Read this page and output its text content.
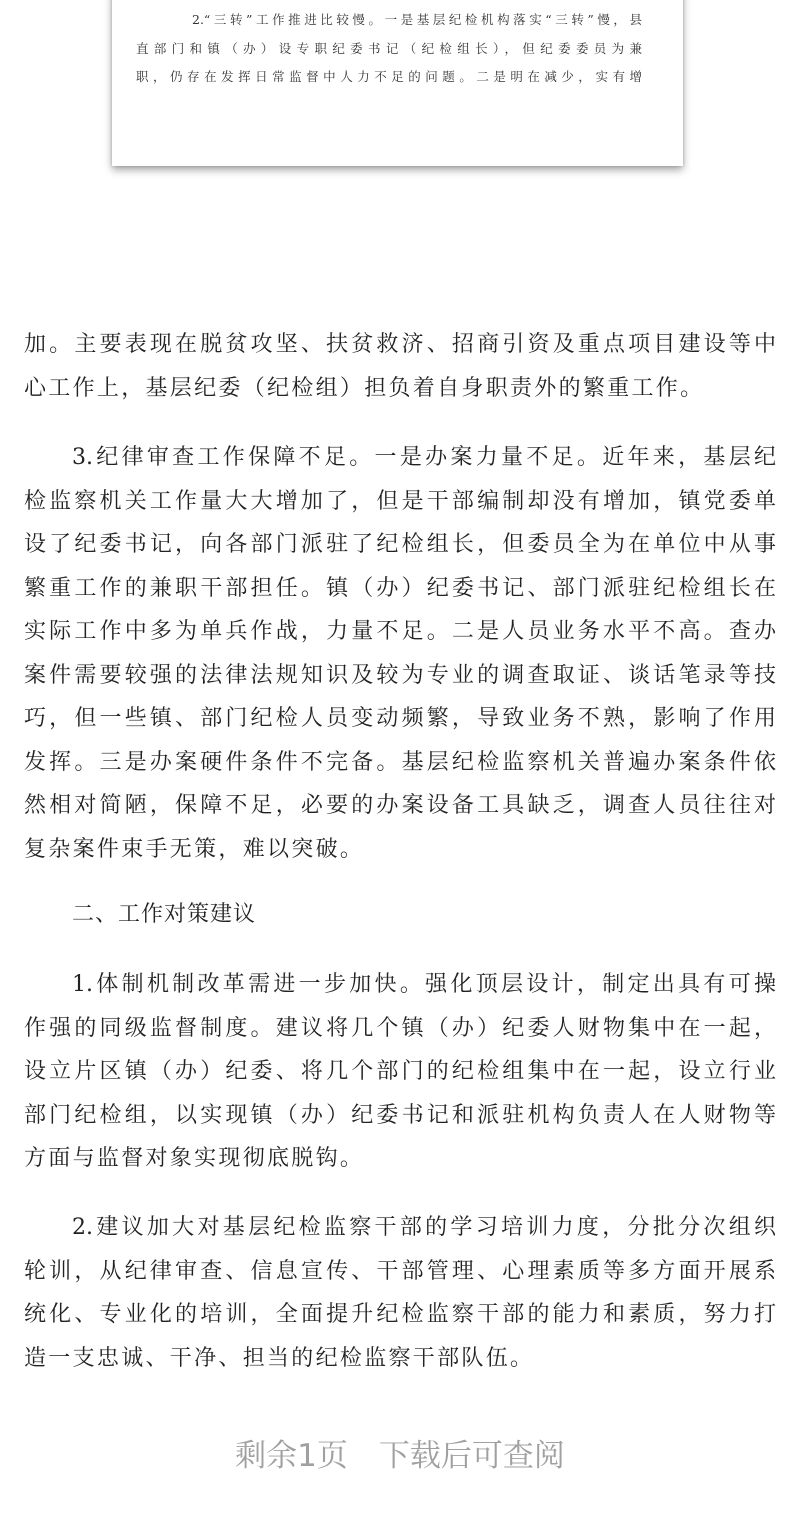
2.“三转”工作推进比较慢。一是基层纪检机构落实“三转”慢，县
直部门和镇（办）设专职纪委书记（纪检组长），但纪委委员为兼
职，仍存在发挥日常监督中人力不足的问题。二是明在减少，实有增
加。主要表现在脱贫攻坚、扶贫救济、招商引资及重点项目建设等中
心工作上，基层纪委（纪检组）担负着自身职责外的繁重工作。
3.纪律审查工作保障不足。一是办案力量不足。近年来，基层纪
检监察机关工作量大大增加了，但是干部编制却没有增加，镇党委单
设了纪委书记，向各部门派驻了纪检组长，但委员全为在单位中从事
繁重工作的兼职干部担任。镇（办）纪委书记、部门派驻纪检组长在
实际工作中多为单兵作战，力量不足。二是人员业务水平不高。查办
案件需要较强的法律法规知识及较为专业的调查取证、谈话笔录等技
巧，但一些镇、部门纪检人员变动频繁，导致业务不熟，影响了作用
发挥。三是办案硬件条件不完备。基层纪检监察机关普遍办案条件依
然相对简陋，保障不足，必要的办案设备工具缺乏，调查人员往往对
复杂案件束手无策，难以突破。
二、工作对策建议
1.体制机制改革需进一步加快。强化顶层设计，制定出具有可操
作强的同级监督制度。建议将几个镇（办）纪委人财物集中在一起，
设立片区镇（办）纪委、将几个部门的纪检组集中在一起，设立行业
部门纪检组，以实现镇（办）纪委书记和派驻机构负责人在人财物等
方面与监督对象实现彻底脱钩。
2.建议加大对基层纪检监察干部的学习培训力度，分批分次组织
轮训，从纪律审查、信息宣传、干部管理、心理素质等多方面开展系
统化、专业化的培训，全面提升纪检监察干部的能力和素质，努力打
造一支忠诚、干净、担当的纪检监察干部队伍。
剩余1页　下载后可查阅
